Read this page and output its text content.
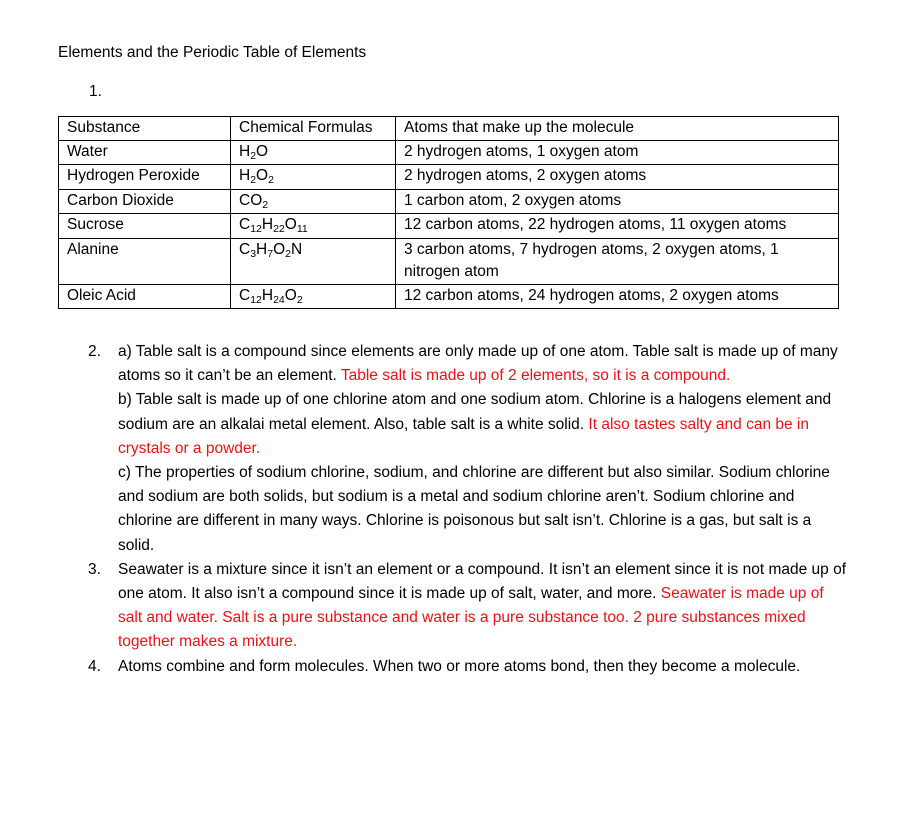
Elements and the Periodic Table of Elements
1.
Substance	Chemical Formulas	Atoms that make up the molecule
Water	H2O	2 hydrogen atoms, 1 oxygen atom
Hydrogen Peroxide	H2O2	2 hydrogen atoms, 2 oxygen atoms
Carbon Dioxide	CO2	1 carbon atom, 2 oxygen atoms
Sucrose	C12H22O11	12 carbon atoms, 22 hydrogen atoms, 11 oxygen atoms
Alanine	C3H7O2N	3 carbon atoms, 7 hydrogen atoms, 2 oxygen atoms, 1 nitrogen atom
Oleic Acid	C12H24O2	12 carbon atoms, 24 hydrogen atoms, 2 oxygen atoms
2.	a) Table salt is a compound since elements are only made up of one atom. Table salt is made up of many atoms so it can’t be an element. Table salt is made up of 2 elements, so it is a compound.
b) Table salt is made up of one chlorine atom and one sodium atom. Chlorine is a halogens element and sodium are an alkalai metal element. Also, table salt is a white solid. It also tastes salty and can be in crystals or a powder.
c) The properties of sodium chlorine, sodium, and chlorine are different but also similar. Sodium chlorine and sodium are both solids, but sodium is a metal and sodium chlorine aren’t. Sodium chlorine and chlorine are different in many ways. Chlorine is poisonous but salt isn’t. Chlorine is a gas, but salt is a solid.
3.	Seawater is a mixture since it isn’t an element or a compound. It isn’t an element since it is not made up of one atom. It also isn’t a compound since it is made up of salt, water, and more. Seawater is made up of salt and water. Salt is a pure substance and water is a pure substance too. 2 pure substances mixed together makes a mixture.
4.	Atoms combine and form molecules. When two or more atoms bond, then they become a molecule.
